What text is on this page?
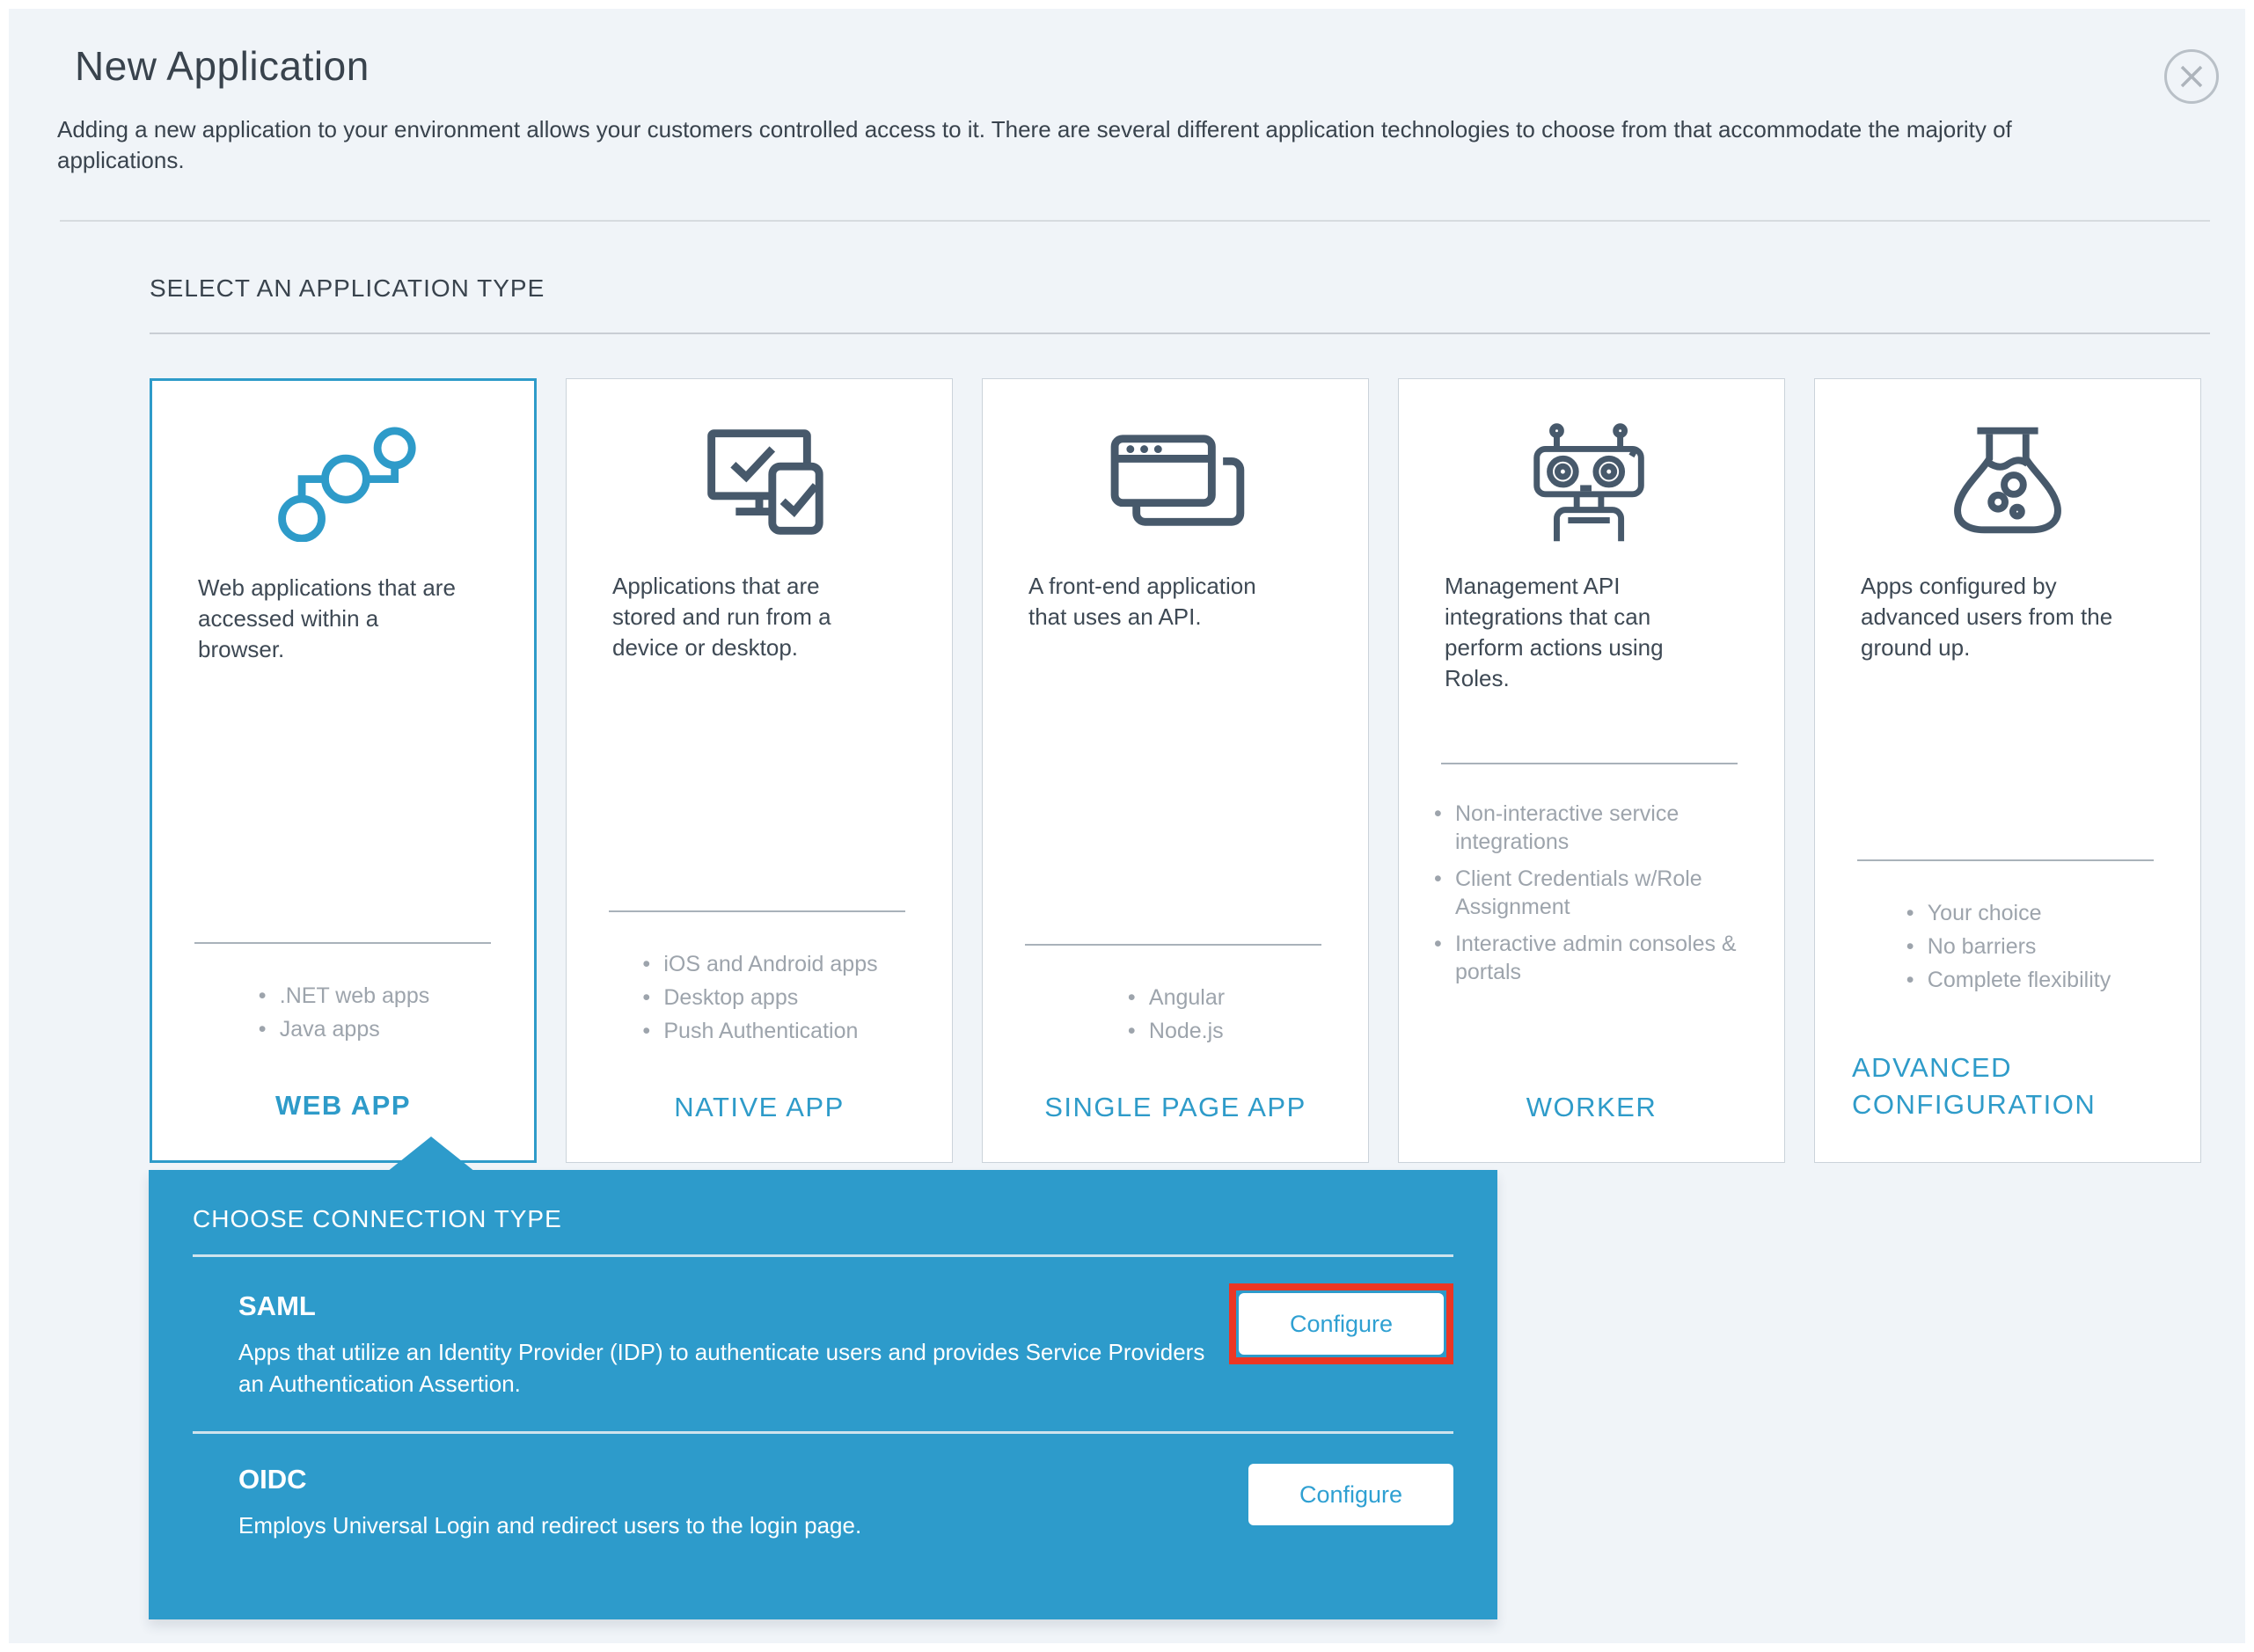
New Application

Adding a new application to your environment allows your customers controlled access to it. There are several different application technologies to choose from that accommodate the majority of applications.

SELECT AN APPLICATION TYPE

Web applications that are accessed within a browser.

• .NET web apps
• Java apps
WEB APP

Applications that are stored and run from a device or desktop.

• iOS and Android apps
• Desktop apps
• Push Authentication
NATIVE APP

A front-end application that uses an API.

• Angular
• Node.js
SINGLE PAGE APP

Management API integrations that can perform actions using Roles.

• Non-interactive service integrations
• Client Credentials w/Role Assignment
• Interactive admin consoles & portals
WORKER

Apps configured by advanced users from the ground up.

• Your choice
• No barriers
• Complete flexibility
ADVANCED CONFIGURATION
CHOOSE CONNECTION TYPE
SAML
Apps that utilize an Identity Provider (IDP) to authenticate users and provides Service Providers an Authentication Assertion.
Configure
OIDC
Employs Universal Login and redirect users to the login page.
Configure
